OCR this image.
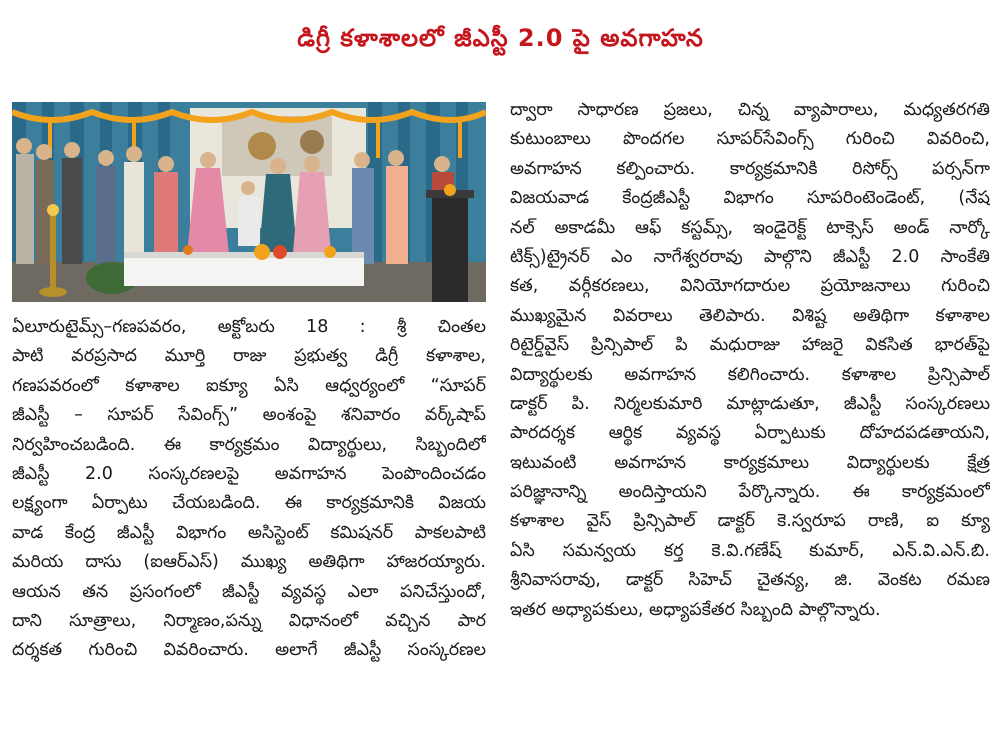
డిగ్రీ కళాశాలలో జీఎస్టీ 2.0 పై అవగాహన
ఏలూరుటైమ్స్–గణపవరం, అక్టోబరు 18 : శ్రీ చింతల
పాటి వరప్రసాద మూర్తి రాజు ప్రభుత్వ డిగ్రీ కళాశాల,
గణపవరంలో కళాశాల ఐక్యూ ఏసి ఆధ్వర్యంలో “సూపర్
జీఎస్టీ – సూపర్ సేవింగ్స్” అంశంపై శనివారం వర్క్‌షాప్
నిర్వహించబడింది. ఈ కార్యక్రమం విద్యార్థులు, సిబ్బందిలో
జీఎస్టీ 2.0 సంస్కరణలపై అవగాహన పెంపొందించడం
లక్ష్యంగా ఏర్పాటు చేయబడింది. ఈ కార్యక్రమానికి విజయ
వాడ కేంద్ర జీఎస్టీ విభాగం అసిస్టెంట్ కమిషనర్ పాకలపాటి
మరియ దాసు (ఐఆర్ఎస్) ముఖ్య అతిథిగా హాజరయ్యారు.
ఆయన తన ప్రసంగంలో జీఎస్టీ వ్యవస్థ ఎలా పనిచేస్తుందో,
దాని సూత్రాలు, నిర్మాణం,పన్ను విధానంలో వచ్చిన పార
దర్శకత గురించి వివరించారు. అలాగే జీఎస్టీ సంస్కరణల
ద్వారా సాధారణ ప్రజలు, చిన్న వ్యాపారాలు, మధ్యతరగతి
కుటుంబాలు పొందగల సూపర్‌సేవింగ్స్ గురించి వివరించి,
అవగాహన కల్పించారు. కార్యక్రమానికి రిసోర్స్ పర్సన్‌గా
విజయవాడ కేంద్రజీఎస్టీ విభాగం సూపరింటెండెంట్, (నేష
నల్ అకాడమీ ఆఫ్ కస్టమ్స్, ఇండైరెక్ట్ టాక్సెస్ అండ్ నార్కో
టిక్స్)ట్రైనర్ ఎం నాగేశ్వరరావు పాల్గొని జీఎస్టీ 2.0 సాంకేతి
కత, వర్గీకరణలు, వినియోగదారుల ప్రయోజనాలు గురించి
ముఖ్యమైన వివరాలు తెలిపారు. విశిష్ట అతిథిగా కళాశాల
రిటైర్డ్‌వైస్ ప్రిన్సిపాల్ పి మధురాజు హాజరై వికసిత భారత్‌పై
విద్యార్థులకు అవగాహన కలిగించారు. కళాశాల ప్రిన్సిపాల్
డాక్టర్ పి. నిర్మలకుమారి మాట్లాడుతూ, జీఎస్టీ సంస్కరణలు
పారదర్శక ఆర్థిక వ్యవస్థ ఏర్పాటుకు దోహదపడతాయని,
ఇటువంటి అవగాహన కార్యక్రమాలు విద్యార్థులకు క్షేత్ర
పరిజ్ఞానాన్ని అందిస్తాయని పేర్కొన్నారు. ఈ కార్యక్రమంలో
కళాశాల వైస్ ప్రిన్సిపాల్ డాక్టర్ కె.స్వరూప రాణి, ఐ క్యూ
ఏసి సమన్వయ కర్త కె.వి.గణేష్ కుమార్, ఎన్.వి.ఎన్.బి.
శ్రీనివాసరావు, డాక్టర్ సిహెచ్ చైతన్య, జి. వెంకట రమణ
ఇతర అధ్యాపకులు, అధ్యాపకేతర సిబ్బంది పాల్గొన్నారు.
